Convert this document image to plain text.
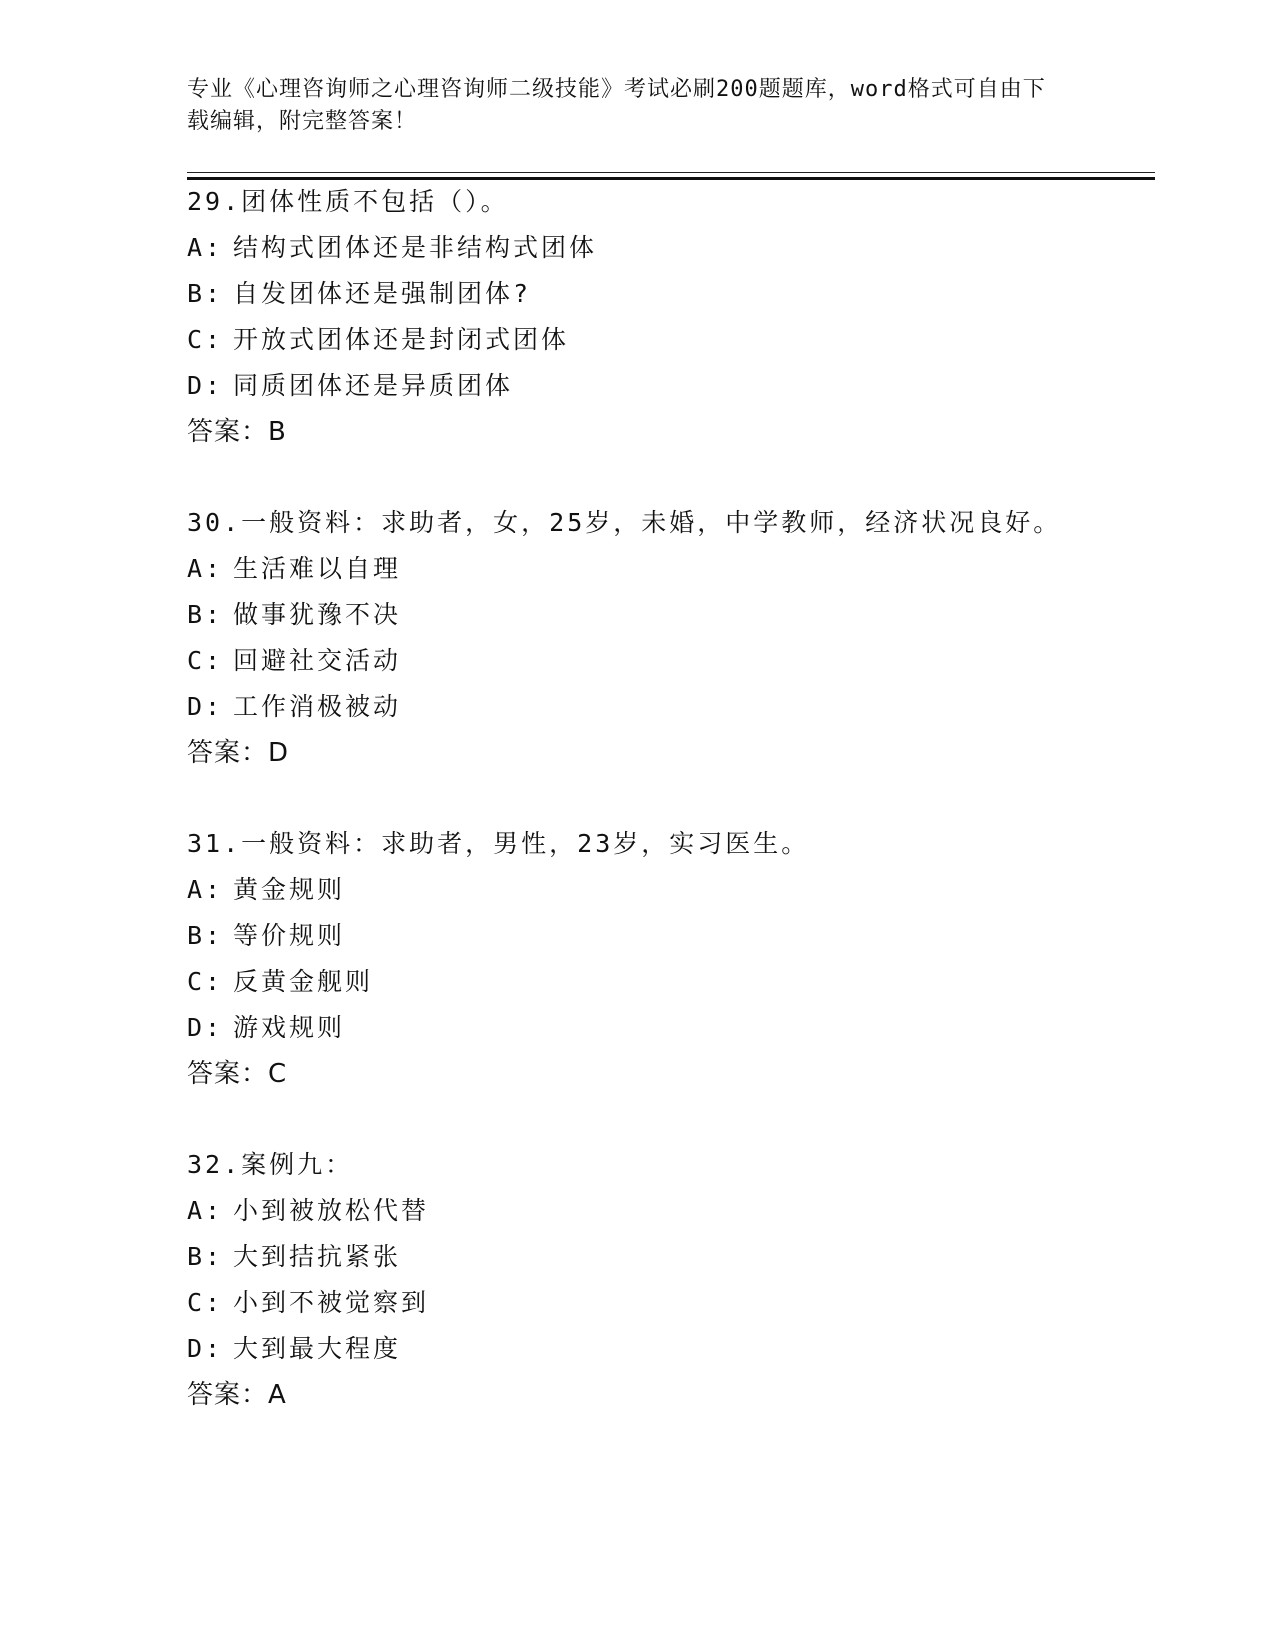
专业《心理咨询师之心理咨询师二级技能》考试必刷200题题库，word格式可自由下载编辑，附完整答案！
29.团体性质不包括（）。
A: 结构式团体还是非结构式团体
B: 自发团体还是强制团体?
C: 开放式团体还是封闭式团体
D: 同质团体还是异质团体
答案：B
30.一般资料：求助者，女，25岁，未婚，中学教师，经济状况良好。
A: 生活难以自理
B: 做事犹豫不决
C: 回避社交活动
D: 工作消极被动
答案：D
31.一般资料：求助者，男性，23岁，实习医生。
A: 黄金规则
B: 等价规则
C: 反黄金舰则
D: 游戏规则
答案：C
32.案例九：
A: 小到被放松代替
B: 大到拮抗紧张
C: 小到不被觉察到
D: 大到最大程度
答案：A
